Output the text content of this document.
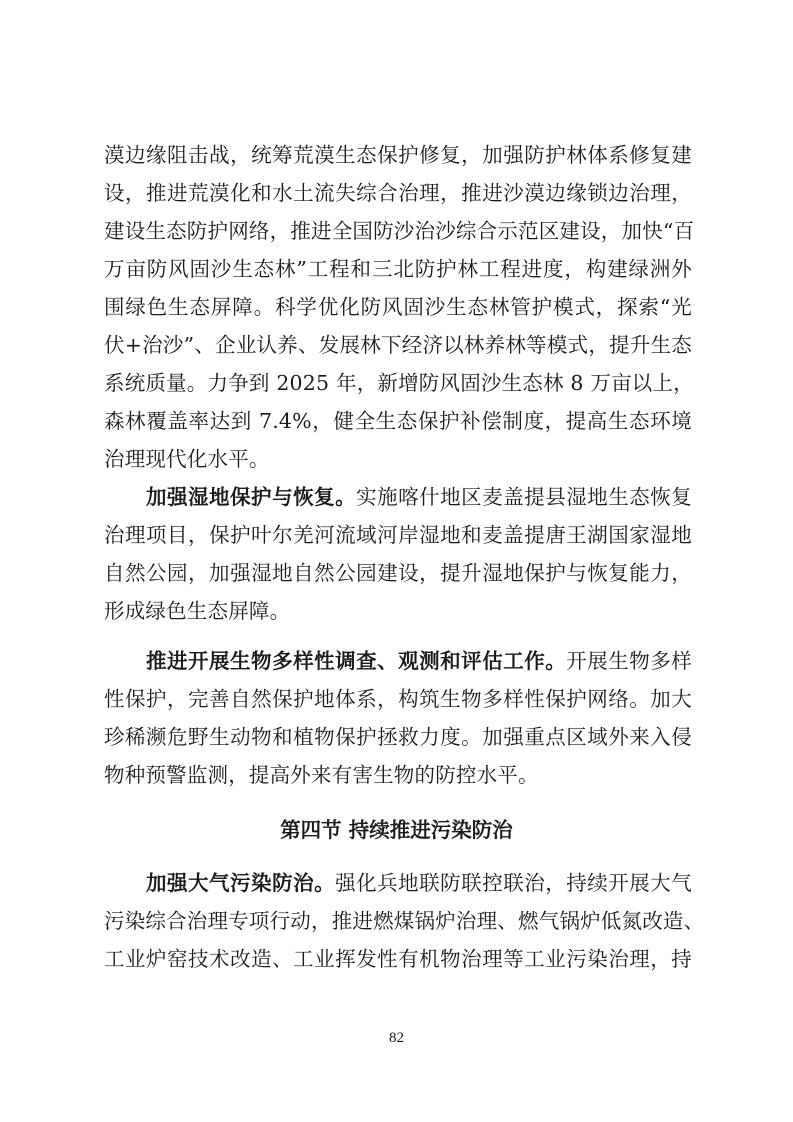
漠边缘阻击战，统筹荒漠生态保护修复，加强防护林体系修复建
设，推进荒漠化和水土流失综合治理，推进沙漠边缘锁边治理，
建设生态防护网络，推进全国防沙治沙综合示范区建设，加快“百
万亩防风固沙生态林”工程和三北防护林工程进度，构建绿洲外
围绿色生态屏障。科学优化防风固沙生态林管护模式，探索“光
伏+治沙”、企业认养、发展林下经济以林养林等模式，提升生态
系统质量。力争到 2025 年，新增防风固沙生态林 8 万亩以上，
森林覆盖率达到 7.4%，健全生态保护补偿制度，提高生态环境
治理现代化水平。
加强湿地保护与恢复。实施喀什地区麦盖提县湿地生态恢复
治理项目，保护叶尔羌河流域河岸湿地和麦盖提唐王湖国家湿地
自然公园，加强湿地自然公园建设，提升湿地保护与恢复能力，
形成绿色生态屏障。
推进开展生物多样性调查、观测和评估工作。开展生物多样
性保护，完善自然保护地体系，构筑生物多样性保护网络。加大
珍稀濒危野生动物和植物保护拯救力度。加强重点区域外来入侵
物种预警监测，提高外来有害生物的防控水平。
第四节 持续推进污染防治
加强大气污染防治。强化兵地联防联控联治，持续开展大气
污染综合治理专项行动，推进燃煤锅炉治理、燃气锅炉低氮改造、
工业炉窑技术改造、工业挥发性有机物治理等工业污染治理，持
82
